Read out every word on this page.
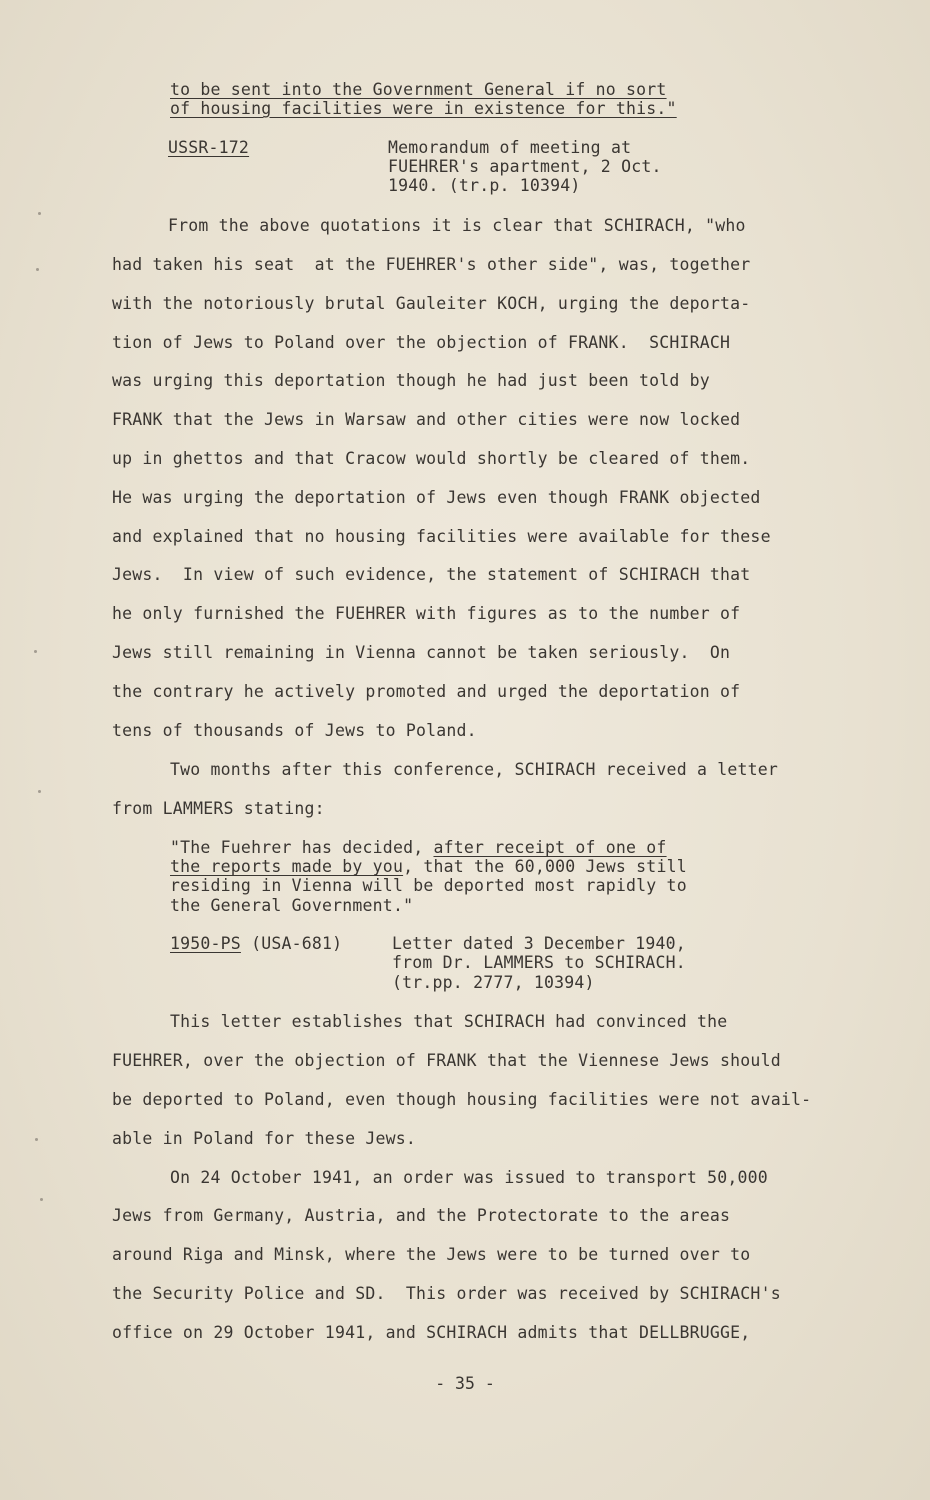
to be sent into the Government General if no sort
of housing facilities were in existence for this."
USSR-172	Memorandum of meeting at
FUEHRER's apartment, 2 Oct.
1940. (tr.p. 10394)
From the above quotations it is clear that SCHIRACH, "who
had taken his seat  at the FUEHRER's other side", was, together
with the notoriously brutal Gauleiter KOCH, urging the deporta-
tion of Jews to Poland over the objection of FRANK.  SCHIRACH
was urging this deportation though he had just been told by
FRANK that the Jews in Warsaw and other cities were now locked
up in ghettos and that Cracow would shortly be cleared of them.
He was urging the deportation of Jews even though FRANK objected
and explained that no housing facilities were available for these
Jews.  In view of such evidence, the statement of SCHIRACH that
he only furnished the FUEHRER with figures as to the number of
Jews still remaining in Vienna cannot be taken seriously.  On
the contrary he actively promoted and urged the deportation of
tens of thousands of Jews to Poland.
Two months after this conference, SCHIRACH received a letter
from LAMMERS stating:
"The Fuehrer has decided, after receipt of one of
the reports made by you, that the 60,000 Jews still
residing in Vienna will be deported most rapidly to
the General Government."
1950-PS (USA-681)	Letter dated 3 December 1940,
from Dr. LAMMERS to SCHIRACH.
(tr.pp. 2777, 10394)
This letter establishes that SCHIRACH had convinced the
FUEHRER, over the objection of FRANK that the Viennese Jews should
be deported to Poland, even though housing facilities were not avail-
able in Poland for these Jews.
On 24 October 1941, an order was issued to transport 50,000
Jews from Germany, Austria, and the Protectorate to the areas
around Riga and Minsk, where the Jews were to be turned over to
the Security Police and SD.  This order was received by SCHIRACH's
office on 29 October 1941, and SCHIRACH admits that DELLBRUGGE,
- 35 -
